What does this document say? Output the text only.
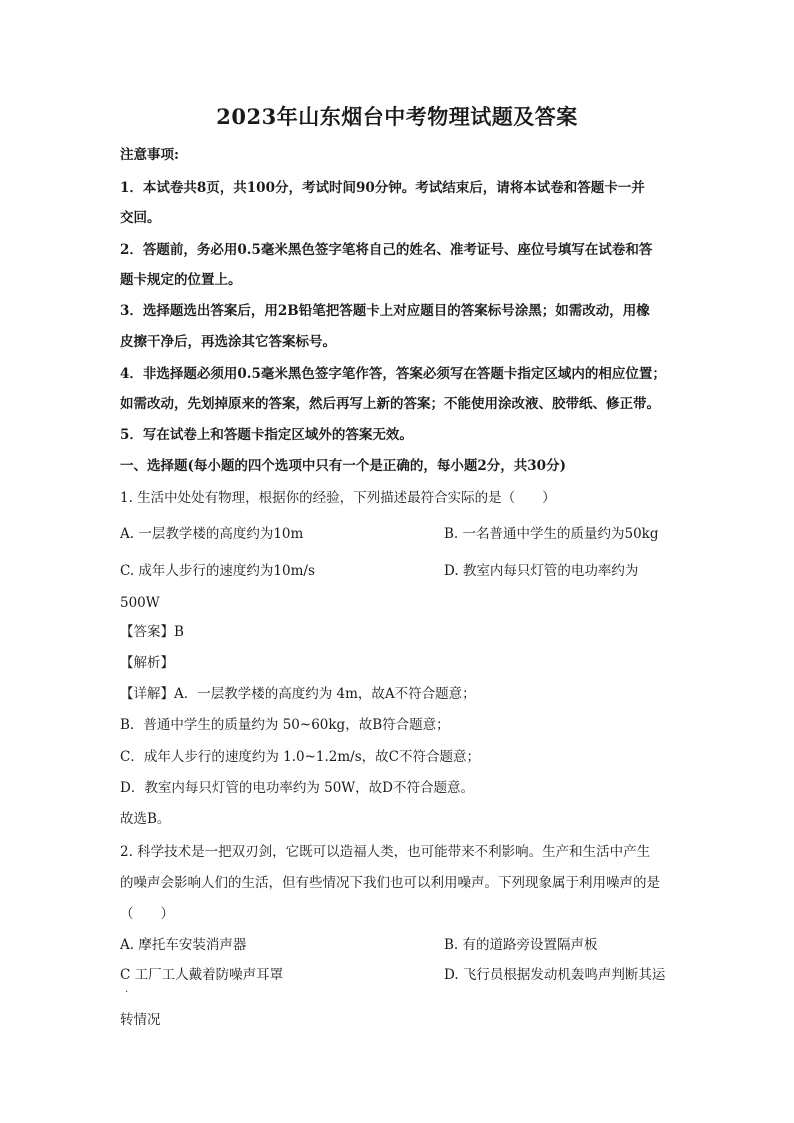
2023年山东烟台中考物理试题及答案
注意事项:
1．本试卷共8页，共100分，考试时间90分钟。考试结束后，请将本试卷和答题卡一并
交回。
2．答题前，务必用0.5毫米黑色签字笔将自己的姓名、准考证号、座位号填写在试卷和答
题卡规定的位置上。
3．选择题选出答案后，用2B铅笔把答题卡上对应题目的答案标号涂黑；如需改动，用橡
皮擦干净后，再选涂其它答案标号。
4．非选择题必须用0.5毫米黑色签字笔作答，答案必须写在答题卡指定区域内的相应位置；
如需改动，先划掉原来的答案，然后再写上新的答案；不能使用涂改液、胶带纸、修正带。
5．写在试卷上和答题卡指定区域外的答案无效。
一、选择题(每小题的四个选项中只有一个是正确的，每小题2分，共30分)
1. 生活中处处有物理，根据你的经验，下列描述最符合实际的是（　　）
A. 一层教学楼的高度约为10m	B. 一名普通中学生的质量约为50kg
C. 成年人步行的速度约为10m/s	D. 教室内每只灯管的电功率约为
500W
【答案】B
【解析】
【详解】A．一层教学楼的高度约为 4m，故A不符合题意；
B．普通中学生的质量约为 50~60kg，故B符合题意；
C．成年人步行的速度约为 1.0~1.2m/s，故C不符合题意；
D．教室内每只灯管的电功率约为 50W，故D不符合题意。
故选B。
2. 科学技术是一把双刃剑，它既可以造福人类，也可能带来不利影响。生产和生活中产生
的噪声会影响人们的生活，但有些情况下我们也可以利用噪声。下列现象属于利用噪声的是
（　　）
A. 摩托车安装消声器	B. 有的道路旁设置隔声板
C 工厂工人戴着防噪声耳罩
.
D. 飞行员根据发动机轰鸣声判断其运
转情况
